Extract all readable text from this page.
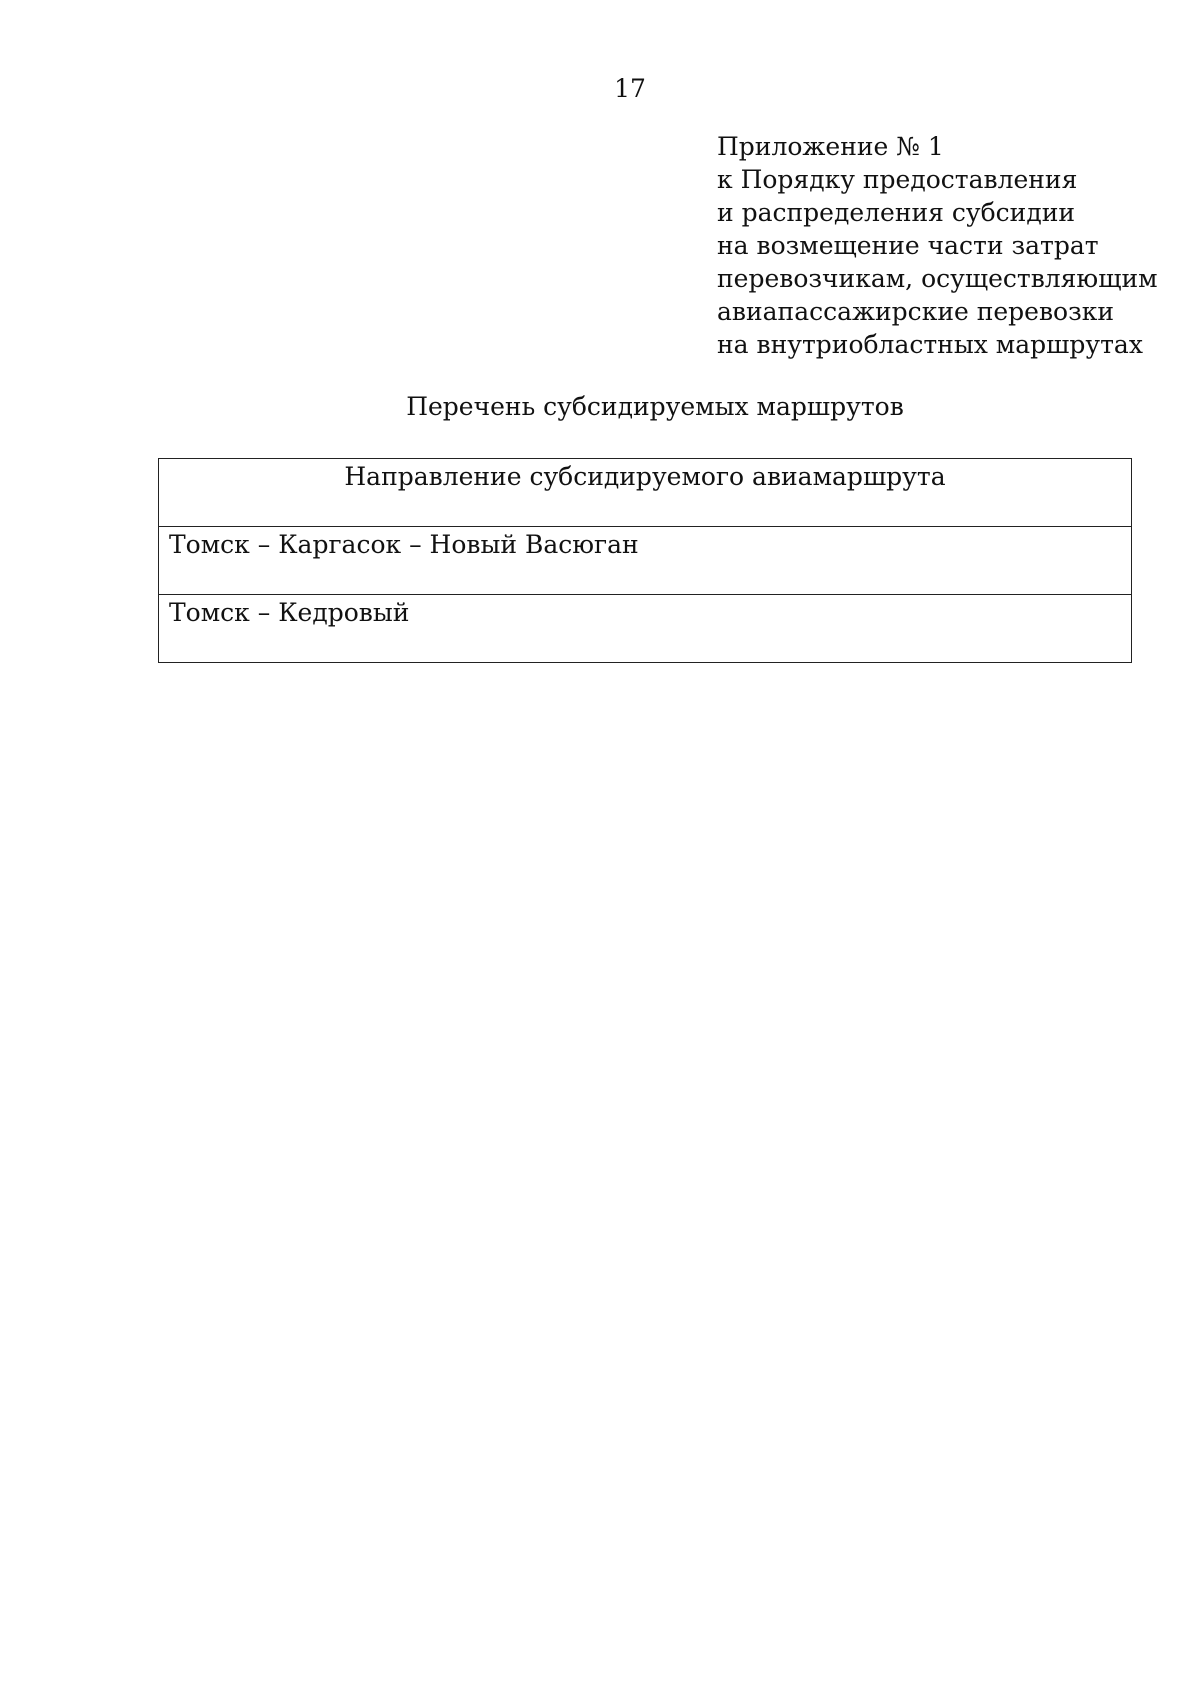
17
Приложение № 1
к Порядку предоставления
и распределения субсидии
на возмещение части затрат
перевозчикам, осуществляющим
авиапассажирские перевозки
на внутриобластных маршрутах
Перечень субсидируемых маршрутов
Направление субсидируемого авиамаршрута
Томск – Каргасок – Новый Васюган
Томск – Кедровый
